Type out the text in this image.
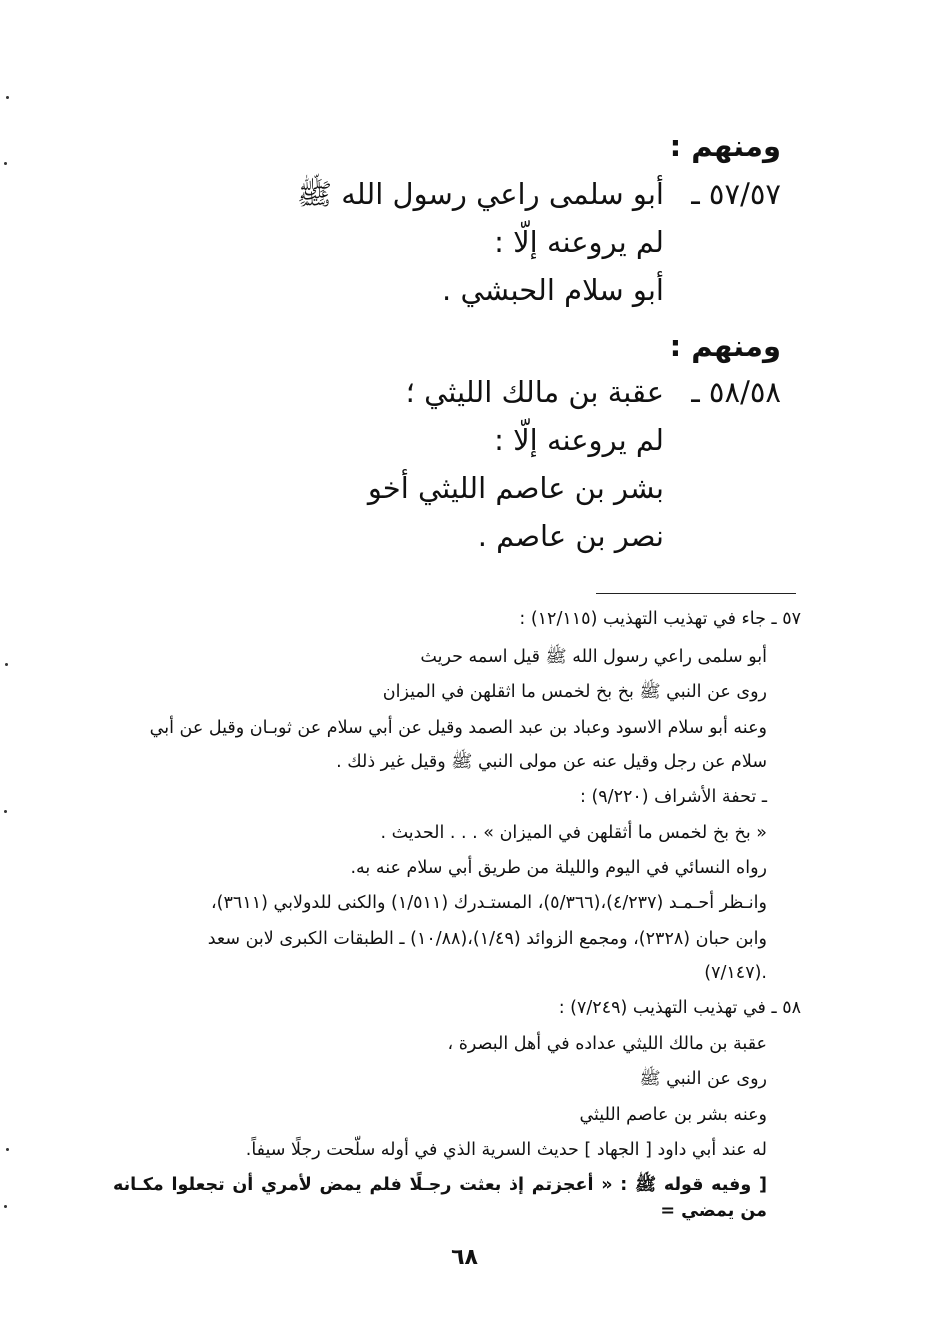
ومنهم :
٥٧/٥٧ ـ
أبو سلمى راعي رسول الله ﷺ
لم يروعنه إلّا :
أبو سلام الحبشي .
ومنهم :
٥٨/٥٨ ـ
عقبة بن مالك الليثي ؛
لم يروعنه إلّا :
بشر بن عاصم الليثي أخو
نصر بن عاصم .
٥٧ ـ جاء في تهذيب التهذيب (١٢/١١٥) :
أبو سلمى راعي رسول الله ﷺ قيل اسمه حريث
روى عن النبي ﷺ بخ بخ لخمس ما اثقلهن في الميزان
وعنه أبو سلام الاسود وعباد بن عبد الصمد وقيل عن أبي سلام عن ثوبـان وقيل عن أبي
سلام عن رجل وقيل عنه عن مولى النبي ﷺ وقيل غير ذلك .
ـ تحفة الأشراف (٩/٢٢٠) :
« بخ بخ لخمس ما أثقلهن في الميزان » . . . الحديث .
رواه النسائي في اليوم والليلة من طريق أبي سلام عنه به.
وانـظر أحـمـد (٤/٢٣٧)،(٥/٣٦٦)، المستـدرك (١/٥١١) والكنى للدولابي (٣٦١١)،
وابن حبان (٢٣٢٨)، ومجمع الزوائد (١/٤٩)،(١٠/٨٨) ـ الطبقات الكبرى لابن سعد
(٧/١٤٧).
٥٨ ـ في تهذيب التهذيب (٧/٢٤٩) :
عقبة بن مالك الليثي عداده في أهل البصرة ،
روى عن النبي ﷺ
وعنه بشر بن عاصم الليثي
له عند أبي داود [ الجهاد ] حديث السرية الذي في أوله سلّحت رجلًا سيفاً.
[ وفيه قوله ﷺ : « أعجزتم إذ بعثت رجـلًا فلم يمض لأمري أن تجعلوا مكـانه من يمضي =
٦٨
